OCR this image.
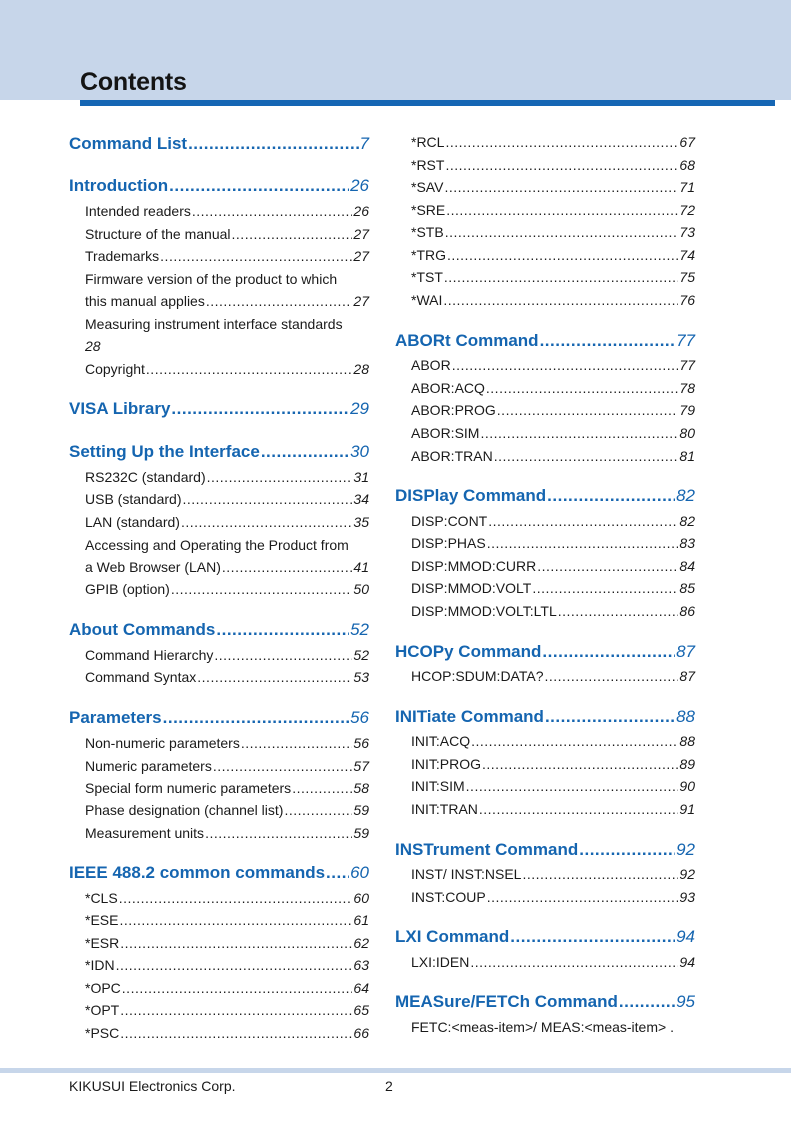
Contents
Command List .....	7
Introduction .....	26
Intended readers .....	26
Structure of the manual .....	27
Trademarks .....	27
Firmware version of the product to which
this manual applies .....	27
Measuring instrument interface standards
28
Copyright .....	28
VISA Library .....	29
Setting Up the Interface .....	30
RS232C (standard) .....	31
USB (standard) .....	34
LAN (standard) .....	35
Accessing and Operating the Product from
a Web Browser (LAN) .....	41
GPIB (option) .....	50
About Commands .....	52
Command Hierarchy .....	52
Command Syntax .....	53
Parameters .....	56
Non-numeric parameters .....	56
Numeric parameters .....	57
Special form numeric parameters .....	58
Phase designation (channel list) .....	59
Measurement units .....	59
IEEE 488.2 common commands ..... 60
*CLS .....	60
*ESE .....	61
*ESR .....	62
*IDN .....	63
*OPC .....	64
*OPT .....	65
*PSC .....	66
*RCL .....	67
*RST .....	68
*SAV .....	71
*SRE .....	72
*STB .....	73
*TRG .....	74
*TST .....	75
*WAI .....	76
ABORt Command .....	77
ABOR .....	77
ABOR:ACQ .....	78
ABOR:PROG .....	79
ABOR:SIM .....	80
ABOR:TRAN .....	81
DISPlay Command .....	82
DISP:CONT .....	82
DISP:PHAS .....	83
DISP:MMOD:CURR .....	84
DISP:MMOD:VOLT .....	85
DISP:MMOD:VOLT:LTL .....	86
HCOPy Command .....	87
HCOP:SDUM:DATA? .....	87
INITiate Command .....	88
INIT:ACQ .....	88
INIT:PROG .....	89
INIT:SIM .....	90
INIT:TRAN .....	91
INSTrument Command .....	92
INST/ INST:NSEL .....	92
INST:COUP .....	93
LXI Command .....	94
LXI:IDEN .....	94
MEASure/FETCh Command .....	95
FETC:<meas-item>/ MEAS:<meas-item> .
KIKUSUI Electronics Corp.	2
